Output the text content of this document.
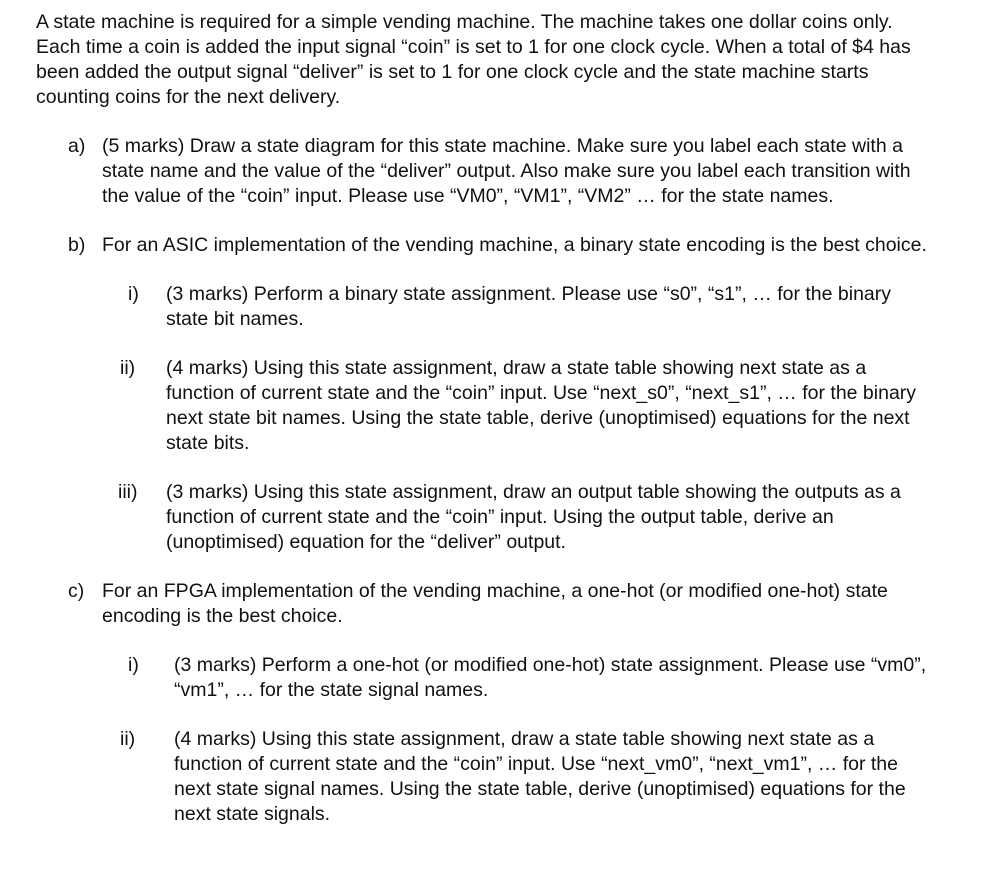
A state machine is required for a simple vending machine. The machine takes one dollar coins only. Each time a coin is added the input signal “coin” is set to 1 for one clock cycle. When a total of $4 has been added the output signal “deliver” is set to 1 for one clock cycle and the state machine starts counting coins for the next delivery.

a) (5 marks) Draw a state diagram for this state machine. Make sure you label each state with a state name and the value of the “deliver” output. Also make sure you label each transition with the value of the “coin” input. Please use “VM0”, “VM1”, “VM2” … for the state names.
b) For an ASIC implementation of the vending machine, a binary state encoding is the best choice.
i)	(3 marks) Perform a binary state assignment. Please use “s0”, “s1”, … for the binary state bit names.
ii)	(4 marks) Using this state assignment, draw a state table showing next state as a function of current state and the “coin” input. Use “next_s0”, “next_s1”, … for the binary next state bit names. Using the state table, derive (unoptimised) equations for the next state bits.
iii)	(3 marks) Using this state assignment, draw an output table showing the outputs as a function of current state and the “coin” input. Using the output table, derive an (unoptimised) equation for the “deliver” output.
c) For an FPGA implementation of the vending machine, a one-hot (or modified one-hot) state encoding is the best choice.
i)	(3 marks) Perform a one-hot (or modified one-hot) state assignment. Please use “vm0”, “vm1”, … for the state signal names.
ii)	(4 marks) Using this state assignment, draw a state table showing next state as a function of current state and the “coin” input. Use “next_vm0”, “next_vm1”, … for the next state signal names. Using the state table, derive (unoptimised) equations for the next state signals.
